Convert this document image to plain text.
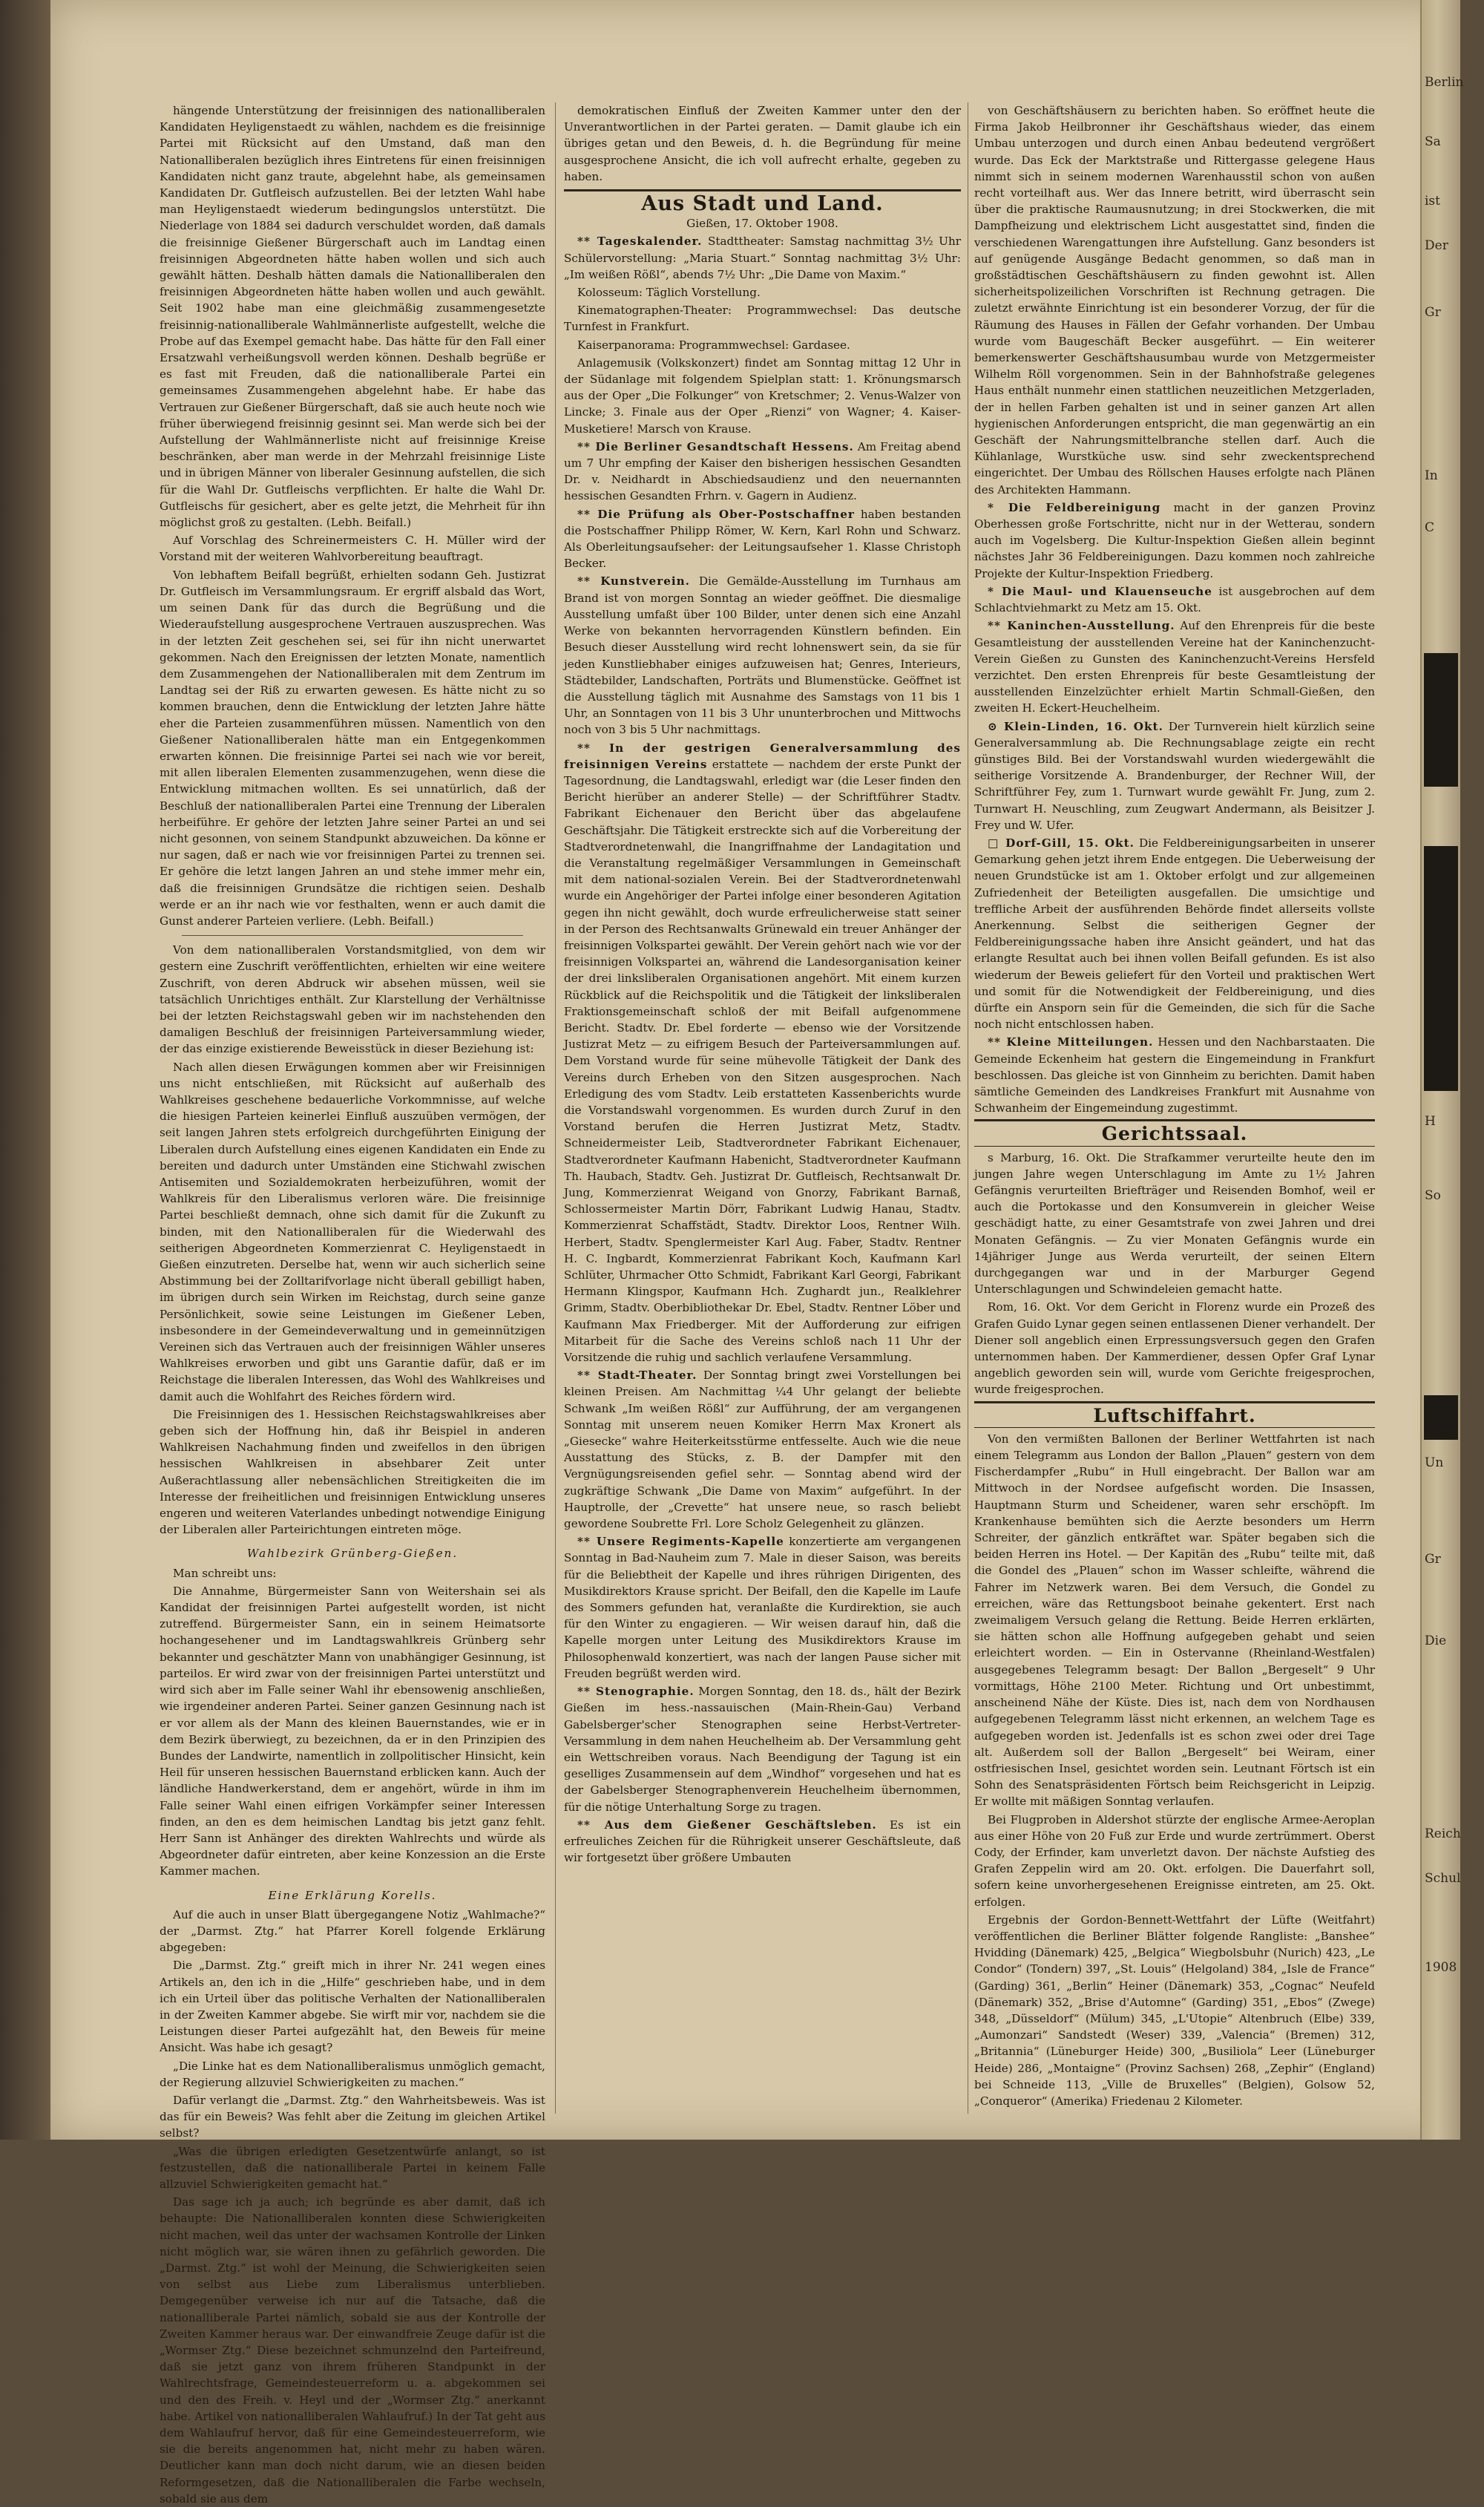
Berlin
Sa
ist
Der
Gr
In
C
H
So
Un
Gr
Die
Reich
Schul
1908

hängende Unterstützung der freisinnigen des nationalliberalen Kandidaten Heyligenstaedt zu wählen, nachdem es die freisinnige Partei mit Rücksicht auf den Umstand, daß man den Nationalliberalen bezüglich ihres Eintretens für einen freisinnigen Kandidaten nicht ganz traute, abgelehnt habe, als gemeinsamen Kandidaten Dr. Gutfleisch aufzustellen. Bei der letzten Wahl habe man Heyligenstaedt wiederum bedingungslos unterstützt. Die Niederlage von 1884 sei dadurch verschuldet worden, daß damals die freisinnige Gießener Bürgerschaft auch im Landtag einen freisinnigen Abgeordneten hätte haben wollen und sich auch gewählt hätten. Deshalb hätten damals die Nationalliberalen den freisinnigen Abgeordneten hätte haben wollen und auch gewählt. Seit 1902 habe man eine gleichmäßig zusammengesetzte freisinnig-nationalliberale Wahlmännerliste aufgestellt, welche die Probe auf das Exempel gemacht habe. Das hätte für den Fall einer Ersatzwahl verheißungsvoll werden können. Deshalb begrüße er es fast mit Freuden, daß die nationalliberale Partei ein gemeinsames Zusammengehen abgelehnt habe. Er habe das Vertrauen zur Gießener Bürgerschaft, daß sie auch heute noch wie früher überwiegend freisinnig gesinnt sei. Man werde sich bei der Aufstellung der Wahlmännerliste nicht auf freisinnige Kreise beschränken, aber man werde in der Mehrzahl freisinnige Liste und in übrigen Männer von liberaler Gesinnung aufstellen, die sich für die Wahl Dr. Gutfleischs verpflichten. Er halte die Wahl Dr. Gutfleischs für gesichert, aber es gelte jetzt, die Mehrheit für ihn möglichst groß zu gestalten. (Lebh. Beifall.)

Auf Vorschlag des Schreinermeisters C. H. Müller wird der Vorstand mit der weiteren Wahlvorbereitung beauftragt.

Von lebhaftem Beifall begrüßt, erhielten sodann Geh. Justizrat Dr. Gutfleisch im Versammlungsraum. Er ergriff alsbald das Wort, um seinen Dank für das durch die Begrüßung und die Wiederaufstellung ausgesprochene Vertrauen auszusprechen. Was in der letzten Zeit geschehen sei, sei für ihn nicht unerwartet gekommen. Nach den Ereignissen der letzten Monate, namentlich dem Zusammengehen der Nationalliberalen mit dem Zentrum im Landtag sei der Riß zu erwarten gewesen. Es hätte nicht zu so kommen brauchen, denn die Entwicklung der letzten Jahre hätte eher die Parteien zusammenführen müssen. Namentlich von den Gießener Nationalliberalen hätte man ein Entgegenkommen erwarten können. Die freisinnige Partei sei nach wie vor bereit, mit allen liberalen Elementen zusammenzugehen, wenn diese die Entwicklung mitmachen wollten. Es sei unnatürlich, daß der Beschluß der nationalliberalen Partei eine Trennung der Liberalen herbeiführe. Er gehöre der letzten Jahre seiner Partei an und sei nicht gesonnen, von seinem Standpunkt abzuweichen. Da könne er nur sagen, daß er nach wie vor freisinnigen Partei zu trennen sei. Er gehöre die letzt langen Jahren an und stehe immer mehr ein, daß die freisinnigen Grundsätze die richtigen seien. Deshalb werde er an ihr nach wie vor festhalten, wenn er auch damit die Gunst anderer Parteien verliere. (Lebh. Beifall.)

Von dem nationalliberalen Vorstandsmitglied, von dem wir gestern eine Zuschrift veröffentlichten, erhielten wir eine weitere Zuschrift, von deren Abdruck wir absehen müssen, weil sie tatsächlich Unrichtiges enthält. Zur Klarstellung der Verhältnisse bei der letzten Reichstagswahl geben wir im nachstehenden den damaligen Beschluß der freisinnigen Parteiversammlung wieder, der das einzige existierende Beweisstück in dieser Beziehung ist:

Nach allen diesen Erwägungen kommen aber wir Freisinnigen uns nicht entschließen, mit Rücksicht auf außerhalb des Wahlkreises geschehene bedauerliche Vorkommnisse, auf welche die hiesigen Parteien keinerlei Einfluß auszuüben vermögen, der seit langen Jahren stets erfolgreich durchgeführten Einigung der Liberalen durch Aufstellung eines eigenen Kandidaten ein Ende zu bereiten und dadurch unter Umständen eine Stichwahl zwischen Antisemiten und Sozialdemokraten herbeizuführen, womit der Wahlkreis für den Liberalismus verloren wäre. Die freisinnige Partei beschließt demnach, ohne sich damit für die Zukunft zu binden, mit den Nationalliberalen für die Wiederwahl des seitherigen Abgeordneten Kommerzienrat C. Heyligenstaedt in Gießen einzutreten. Derselbe hat, wenn wir auch sicherlich seine Abstimmung bei der Zolltarifvorlage nicht überall gebilligt haben, im übrigen durch sein Wirken im Reichstag, durch seine ganze Persönlichkeit, sowie seine Leistungen im Gießener Leben, insbesondere in der Gemeindeverwaltung und in gemeinnützigen Vereinen sich das Vertrauen auch der freisinnigen Wähler unseres Wahlkreises erworben und gibt uns Garantie dafür, daß er im Reichstage die liberalen Interessen, das Wohl des Wahlkreises und damit auch die Wohlfahrt des Reiches fördern wird.

Die Freisinnigen des 1. Hessischen Reichstagswahlkreises aber geben sich der Hoffnung hin, daß ihr Beispiel in anderen Wahlkreisen Nachahmung finden und zweifellos in den übrigen hessischen Wahlkreisen in absehbarer Zeit unter Außerachtlassung aller nebensächlichen Streitigkeiten die im Interesse der freiheitlichen und freisinnigen Entwicklung unseres engeren und weiteren Vaterlandes unbedingt notwendige Einigung der Liberalen aller Parteirichtungen eintreten möge.

Wahlbezirk Grünberg-Gießen.

Man schreibt uns:

Die Annahme, Bürgermeister Sann von Weitershain sei als Kandidat der freisinnigen Partei aufgestellt worden, ist nicht zutreffend. Bürgermeister Sann, ein in seinem Heimatsorte hochangesehener und im Landtagswahlkreis Grünberg sehr bekannter und geschätzter Mann von unabhängiger Gesinnung, ist parteilos. Er wird zwar von der freisinnigen Partei unterstützt und wird sich aber im Falle seiner Wahl ihr ebensowenig anschließen, wie irgendeiner anderen Partei. Seiner ganzen Gesinnung nach ist er vor allem als der Mann des kleinen Bauernstandes, wie er in dem Bezirk überwiegt, zu bezeichnen, da er in den Prinzipien des Bundes der Landwirte, namentlich in zollpolitischer Hinsicht, kein Heil für unseren hessischen Bauernstand erblicken kann. Auch der ländliche Handwerkerstand, dem er angehört, würde in ihm im Falle seiner Wahl einen eifrigen Vorkämpfer seiner Interessen finden, an den es dem heimischen Landtag bis jetzt ganz fehlt. Herr Sann ist Anhänger des direkten Wahlrechts und würde als Abgeordneter dafür eintreten, aber keine Konzession an die Erste Kammer machen.

Eine Erklärung Korells.

Auf die auch in unser Blatt übergegangene Notiz „Wahlmache?“ der „Darmst. Ztg.“ hat Pfarrer Korell folgende Erklärung abgegeben:

Die „Darmst. Ztg.“ greift mich in ihrer Nr. 241 wegen eines Artikels an, den ich in die „Hilfe“ geschrieben habe, und in dem ich ein Urteil über das politische Verhalten der Nationalliberalen in der Zweiten Kammer abgebe. Sie wirft mir vor, nachdem sie die Leistungen dieser Partei aufgezählt hat, den Beweis für meine Ansicht. Was habe ich gesagt?

„Die Linke hat es dem Nationalliberalismus unmöglich gemacht, der Regierung allzuviel Schwierigkeiten zu machen.“

Dafür verlangt die „Darmst. Ztg.“ den Wahrheitsbeweis. Was ist das für ein Beweis? Was fehlt aber die Zeitung im gleichen Artikel selbst?

„Was die übrigen erledigten Gesetzentwürfe anlangt, so ist festzustellen, daß die nationalliberale Partei in keinem Falle allzuviel Schwierigkeiten gemacht hat.“

Das sage ich ja auch; ich begründe es aber damit, daß ich behaupte: Die Nationalliberalen konnten diese Schwierigkeiten nicht machen, weil das unter der wachsamen Kontrolle der Linken nicht möglich war, sie wären ihnen zu gefährlich geworden. Die „Darmst. Ztg.“ ist wohl der Meinung, die Schwierigkeiten seien von selbst aus Liebe zum Liberalismus unterblieben. Demgegenüber verweise ich nur auf die Tatsache, daß die nationalliberale Partei nämlich, sobald sie aus der Kontrolle der Zweiten Kammer heraus war. Der einwandfreie Zeuge dafür ist die „Wormser Ztg.“ Diese bezeichnet schmunzelnd den Parteifreund, daß sie jetzt ganz von ihrem früheren Standpunkt in der Wahlrechtsfrage, Gemeindesteuerreform u. a. abgekommen sei und den des Freih. v. Heyl und der „Wormser Ztg.“ anerkannt habe. Artikel von nationalliberalen Wahlaufruf.) In der Tat geht aus dem Wahlaufruf hervor, daß für eine Gemeindesteuerreform, wie sie die bereits angenommen hat, nicht mehr zu haben wären. Deutlicher kann man doch nicht darum, wie an diesen beiden Reformgesetzen, daß die Nationalliberalen die Farbe wechseln, sobald sie aus dem

demokratischen Einfluß der Zweiten Kammer unter den der Unverantwortlichen in der Partei geraten. — Damit glaube ich ein übriges getan und den Beweis, d. h. die Begründung für meine ausgesprochene Ansicht, die ich voll aufrecht erhalte, gegeben zu haben.

Aus Stadt und Land.

Gießen, 17. Oktober 1908.

** Tageskalender. Stadttheater: Samstag nachmittag 3½ Uhr Schülervorstellung: „Maria Stuart.“ Sonntag nachmittag 3½ Uhr: „Im weißen Rößl“, abends 7½ Uhr: „Die Dame von Maxim.“

Kolosseum: Täglich Vorstellung.

Kinematographen-Theater: Programmwechsel: Das deutsche Turnfest in Frankfurt.

Kaiserpanorama: Programmwechsel: Gardasee.

Anlagemusik (Volkskonzert) findet am Sonntag mittag 12 Uhr in der Südanlage mit folgendem Spielplan statt: 1. Krönungsmarsch aus der Oper „Die Folkunger“ von Kretschmer; 2. Venus-Walzer von Lincke; 3. Finale aus der Oper „Rienzi“ von Wagner; 4. Kaiser-Musketiere! Marsch von Krause.

** Die Berliner Gesandtschaft Hessens. Am Freitag abend um 7 Uhr empfing der Kaiser den bisherigen hessischen Gesandten Dr. v. Neidhardt in Abschiedsaudienz und den neuernannten hessischen Gesandten Frhrn. v. Gagern in Audienz.

** Die Prüfung als Ober-Postschaffner haben bestanden die Postschaffner Philipp Römer, W. Kern, Karl Rohn und Schwarz. Als Oberleitungsaufseher: der Leitungsaufseher 1. Klasse Christoph Becker.

** Kunstverein. Die Gemälde-Ausstellung im Turnhaus am Brand ist von morgen Sonntag an wieder geöffnet. Die diesmalige Ausstellung umfaßt über 100 Bilder, unter denen sich eine Anzahl Werke von bekannten hervorragenden Künstlern befinden. Ein Besuch dieser Ausstellung wird recht lohnenswert sein, da sie für jeden Kunstliebhaber einiges aufzuweisen hat; Genres, Interieurs, Städtebilder, Landschaften, Porträts und Blumenstücke. Geöffnet ist die Ausstellung täglich mit Ausnahme des Samstags von 11 bis 1 Uhr, an Sonntagen von 11 bis 3 Uhr ununterbrochen und Mittwochs noch von 3 bis 5 Uhr nachmittags.

** In der gestrigen Generalversammlung des freisinnigen Vereins erstattete — nachdem der erste Punkt der Tagesordnung, die Landtagswahl, erledigt war (die Leser finden den Bericht hierüber an anderer Stelle) — der Schriftführer Stadtv. Fabrikant Eichenauer den Bericht über das abgelaufene Geschäftsjahr. Die Tätigkeit erstreckte sich auf die Vorbereitung der Stadtverordnetenwahl, die Inangriffnahme der Landagitation und die Veranstaltung regelmäßiger Versammlungen in Gemeinschaft mit dem national-sozialen Verein. Bei der Stadtverordnetenwahl wurde ein Angehöriger der Partei infolge einer besonderen Agitation gegen ihn nicht gewählt, doch wurde erfreulicherweise statt seiner in der Person des Rechtsanwalts Grünewald ein treuer Anhänger der freisinnigen Volkspartei gewählt. Der Verein gehört nach wie vor der freisinnigen Volkspartei an, während die Landesorganisation keiner der drei linksliberalen Organisationen angehört. Mit einem kurzen Rückblick auf die Reichspolitik und die Tätigkeit der linksliberalen Fraktionsgemeinschaft schloß der mit Beifall aufgenommene Bericht. Stadtv. Dr. Ebel forderte — ebenso wie der Vorsitzende Justizrat Metz — zu eifrigem Besuch der Parteiversammlungen auf. Dem Vorstand wurde für seine mühevolle Tätigkeit der Dank des Vereins durch Erheben von den Sitzen ausgesprochen. Nach Erledigung des vom Stadtv. Leib erstatteten Kassenberichts wurde die Vorstandswahl vorgenommen. Es wurden durch Zuruf in den Vorstand berufen die Herren Justizrat Metz, Stadtv. Schneidermeister Leib, Stadtverordneter Fabrikant Eichenauer, Stadtverordneter Kaufmann Habenicht, Stadtverordneter Kaufmann Th. Haubach, Stadtv. Geh. Justizrat Dr. Gutfleisch, Rechtsanwalt Dr. Jung, Kommerzienrat Weigand von Gnorzy, Fabrikant Barnaß, Schlossermeister Martin Dörr, Fabrikant Ludwig Hanau, Stadtv. Kommerzienrat Schaffstädt, Stadtv. Direktor Loos, Rentner Wilh. Herbert, Stadtv. Spenglermeister Karl Aug. Faber, Stadtv. Rentner H. C. Ingbardt, Kommerzienrat Fabrikant Koch, Kaufmann Karl Schlüter, Uhrmacher Otto Schmidt, Fabrikant Karl Georgi, Fabrikant Hermann Klingspor, Kaufmann Hch. Zughardt jun., Realklehrer Grimm, Stadtv. Oberbibliothekar Dr. Ebel, Stadtv. Rentner Löber und Kaufmann Max Friedberger. Mit der Aufforderung zur eifrigen Mitarbeit für die Sache des Vereins schloß nach 11 Uhr der Vorsitzende die ruhig und sachlich verlaufene Versammlung.

** Stadt-Theater. Der Sonntag bringt zwei Vorstellungen bei kleinen Preisen. Am Nachmittag ¼4 Uhr gelangt der beliebte Schwank „Im weißen Rößl“ zur Aufführung, der am vergangenen Sonntag mit unserem neuen Komiker Herrn Max Kronert als „Giesecke“ wahre Heiterkeitsstürme entfesselte. Auch wie die neue Ausstattung des Stücks, z. B. der Dampfer mit den Vergnügungsreisenden gefiel sehr. — Sonntag abend wird der zugkräftige Schwank „Die Dame von Maxim“ aufgeführt. In der Hauptrolle, der „Crevette“ hat unsere neue, so rasch beliebt gewordene Soubrette Frl. Lore Scholz Gelegenheit zu glänzen.

** Unsere Regiments-Kapelle konzertierte am vergangenen Sonntag in Bad-Nauheim zum 7. Male in dieser Saison, was bereits für die Beliebtheit der Kapelle und ihres rührigen Dirigenten, des Musikdirektors Krause spricht. Der Beifall, den die Kapelle im Laufe des Sommers gefunden hat, veranlaßte die Kurdirektion, sie auch für den Winter zu engagieren. — Wir weisen darauf hin, daß die Kapelle morgen unter Leitung des Musikdirektors Krause im Philosophenwald konzertiert, was nach der langen Pause sicher mit Freuden begrüßt werden wird.

** Stenographie. Morgen Sonntag, den 18. ds., hält der Bezirk Gießen im hess.-nassauischen (Main-Rhein-Gau) Verband Gabelsberger'scher Stenographen seine Herbst-Vertreter-Versammlung in dem nahen Heuchelheim ab. Der Versammlung geht ein Wettschreiben voraus. Nach Beendigung der Tagung ist ein geselliges Zusammensein auf dem „Windhof“ vorgesehen und hat es der Gabelsberger Stenographenverein Heuchelheim übernommen, für die nötige Unterhaltung Sorge zu tragen.

** Aus dem Gießener Geschäftsleben. Es ist ein erfreuliches Zeichen für die Rührigkeit unserer Geschäftsleute, daß wir fortgesetzt über größere Umbauten

von Geschäftshäusern zu berichten haben. So eröffnet heute die Firma Jakob Heilbronner ihr Geschäftshaus wieder, das einem Umbau unterzogen und durch einen Anbau bedeutend vergrößert wurde. Das Eck der Marktstraße und Rittergasse gelegene Haus nimmt sich in seinem modernen Warenhausstil schon von außen recht vorteilhaft aus. Wer das Innere betritt, wird überrascht sein über die praktische Raumausnutzung; in drei Stockwerken, die mit Dampfheizung und elektrischem Licht ausgestattet sind, finden die verschiedenen Warengattungen ihre Aufstellung. Ganz besonders ist auf genügende Ausgänge Bedacht genommen, so daß man in großstädtischen Geschäftshäusern zu finden gewohnt ist. Allen sicherheitspolizeilichen Vorschriften ist Rechnung getragen. Die zuletzt erwähnte Einrichtung ist ein besonderer Vorzug, der für die Räumung des Hauses in Fällen der Gefahr vorhanden. Der Umbau wurde vom Baugeschäft Becker ausgeführt. — Ein weiterer bemerkenswerter Geschäftshausumbau wurde von Metzgermeister Wilhelm Röll vorgenommen. Sein in der Bahnhofstraße gelegenes Haus enthält nunmehr einen stattlichen neuzeitlichen Metzgerladen, der in hellen Farben gehalten ist und in seiner ganzen Art allen hygienischen Anforderungen entspricht, die man gegenwärtig an ein Geschäft der Nahrungsmittelbranche stellen darf. Auch die Kühlanlage, Wurstküche usw. sind sehr zweckentsprechend eingerichtet. Der Umbau des Röllschen Hauses erfolgte nach Plänen des Architekten Hammann.

* Die Feldbereinigung macht in der ganzen Provinz Oberhessen große Fortschritte, nicht nur in der Wetterau, sondern auch im Vogelsberg. Die Kultur-Inspektion Gießen allein beginnt nächstes Jahr 36 Feldbereinigungen. Dazu kommen noch zahlreiche Projekte der Kultur-Inspektion Friedberg.

* Die Maul- und Klauenseuche ist ausgebrochen auf dem Schlachtviehmarkt zu Metz am 15. Okt.

** Kaninchen-Ausstellung. Auf den Ehrenpreis für die beste Gesamtleistung der ausstellenden Vereine hat der Kaninchenzucht-Verein Gießen zu Gunsten des Kaninchenzucht-Vereins Hersfeld verzichtet. Den ersten Ehrenpreis für beste Gesamtleistung der ausstellenden Einzelzüchter erhielt Martin Schmall-Gießen, den zweiten H. Eckert-Heuchelheim.

⊙ Klein-Linden, 16. Okt. Der Turnverein hielt kürzlich seine Generalversammlung ab. Die Rechnungsablage zeigte ein recht günstiges Bild. Bei der Vorstandswahl wurden wiedergewählt die seitherige Vorsitzende A. Brandenburger, der Rechner Will, der Schriftführer Fey, zum 1. Turnwart wurde gewählt Fr. Jung, zum 2. Turnwart H. Neuschling, zum Zeugwart Andermann, als Beisitzer J. Frey und W. Ufer.

□ Dorf-Gill, 15. Okt. Die Feldbereinigungsarbeiten in unserer Gemarkung gehen jetzt ihrem Ende entgegen. Die Ueberweisung der neuen Grundstücke ist am 1. Oktober erfolgt und zur allgemeinen Zufriedenheit der Beteiligten ausgefallen. Die umsichtige und treffliche Arbeit der ausführenden Behörde findet allerseits vollste Anerkennung. Selbst die seitherigen Gegner der Feldbereinigungssache haben ihre Ansicht geändert, und hat das erlangte Resultat auch bei ihnen vollen Beifall gefunden. Es ist also wiederum der Beweis geliefert für den Vorteil und praktischen Wert und somit für die Notwendigkeit der Feldbereinigung, und dies dürfte ein Ansporn sein für die Gemeinden, die sich für die Sache noch nicht entschlossen haben.

** Kleine Mitteilungen. Hessen und den Nachbarstaaten. Die Gemeinde Eckenheim hat gestern die Eingemeindung in Frankfurt beschlossen. Das gleiche ist von Ginnheim zu berichten. Damit haben sämtliche Gemeinden des Landkreises Frankfurt mit Ausnahme von Schwanheim der Eingemeindung zugestimmt.

Gerichtssaal.

s Marburg, 16. Okt. Die Strafkammer verurteilte heute den im jungen Jahre wegen Unterschlagung im Amte zu 1½ Jahren Gefängnis verurteilten Briefträger und Reisenden Bomhof, weil er auch die Portokasse und den Konsumverein in gleicher Weise geschädigt hatte, zu einer Gesamtstrafe von zwei Jahren und drei Monaten Gefängnis. — Zu vier Monaten Gefängnis wurde ein 14jähriger Junge aus Werda verurteilt, der seinen Eltern durchgegangen war und in der Marburger Gegend Unterschlagungen und Schwindeleien gemacht hatte.

Rom, 16. Okt. Vor dem Gericht in Florenz wurde ein Prozeß des Grafen Guido Lynar gegen seinen entlassenen Diener verhandelt. Der Diener soll angeblich einen Erpressungsversuch gegen den Grafen unternommen haben. Der Kammerdiener, dessen Opfer Graf Lynar angeblich geworden sein will, wurde vom Gerichte freigesprochen, wurde freigesprochen.

Luftschiffahrt.

Von den vermißten Ballonen der Berliner Wettfahrten ist nach einem Telegramm aus London der Ballon „Plauen“ gestern von dem Fischerdampfer „Rubu“ in Hull eingebracht. Der Ballon war am Mittwoch in der Nordsee aufgefischt worden. Die Insassen, Hauptmann Sturm und Scheidener, waren sehr erschöpft. Im Krankenhause bemühten sich die Aerzte besonders um Herrn Schreiter, der gänzlich entkräftet war. Später begaben sich die beiden Herren ins Hotel. — Der Kapitän des „Rubu“ teilte mit, daß die Gondel des „Plauen“ schon im Wasser schleifte, während die Fahrer im Netzwerk waren. Bei dem Versuch, die Gondel zu erreichen, wäre das Rettungsboot beinahe gekentert. Erst nach zweimaligem Versuch gelang die Rettung. Beide Herren erklärten, sie hätten schon alle Hoffnung aufgegeben gehabt und seien erleichtert worden. — Ein in Ostervanne (Rheinland-Westfalen) ausgegebenes Telegramm besagt: Der Ballon „Bergeselt“ 9 Uhr vormittags, Höhe 2100 Meter. Richtung und Ort unbestimmt, anscheinend Nähe der Küste. Dies ist, nach dem von Nordhausen aufgegebenen Telegramm lässt nicht erkennen, an welchem Tage es aufgegeben worden ist. Jedenfalls ist es schon zwei oder drei Tage alt. Außerdem soll der Ballon „Bergeselt“ bei Weiram, einer ostfriesischen Insel, gesichtet worden sein. Leutnant Förtsch ist ein Sohn des Senatspräsidenten Förtsch beim Reichsgericht in Leipzig. Er wollte mit mäßigen Sonntag verlaufen.

Bei Flugproben in Aldershot stürzte der englische Armee-Aeroplan aus einer Höhe von 20 Fuß zur Erde und wurde zertrümmert. Oberst Cody, der Erfinder, kam unverletzt davon. Der nächste Aufstieg des Grafen Zeppelin wird am 20. Okt. erfolgen. Die Dauerfahrt soll, sofern keine unvorhergesehenen Ereignisse eintreten, am 25. Okt. erfolgen.

Ergebnis der Gordon-Bennett-Wettfahrt der Lüfte (Weitfahrt) veröffentlichen die Berliner Blätter folgende Rangliste: „Banshee“ Hvidding (Dänemark) 425, „Belgica“ Wiegbolsbuhr (Nurich) 423, „Le Condor“ (Tondern) 397, „St. Louis“ (Helgoland) 384, „Isle de France“ (Garding) 361, „Berlin“ Heiner (Dänemark) 353, „Cognac“ Neufeld (Dänemark) 352, „Brise d'Automne“ (Garding) 351, „Ebos“ (Zwege) 348, „Düsseldorf“ (Mülum) 345, „L'Utopie“ Altenbruch (Elbe) 339, „Aumonzari“ Sandstedt (Weser) 339, „Valencia“ (Bremen) 312, „Britannia“ (Lüneburger Heide) 300, „Busiliola“ Leer (Lüneburger Heide) 286, „Montaigne“ (Provinz Sachsen) 268, „Zephir“ (England) bei Schneide 113, „Ville de Bruxelles“ (Belgien), Golsow 52, „Conqueror“ (Amerika) Friedenau 2 Kilometer.
